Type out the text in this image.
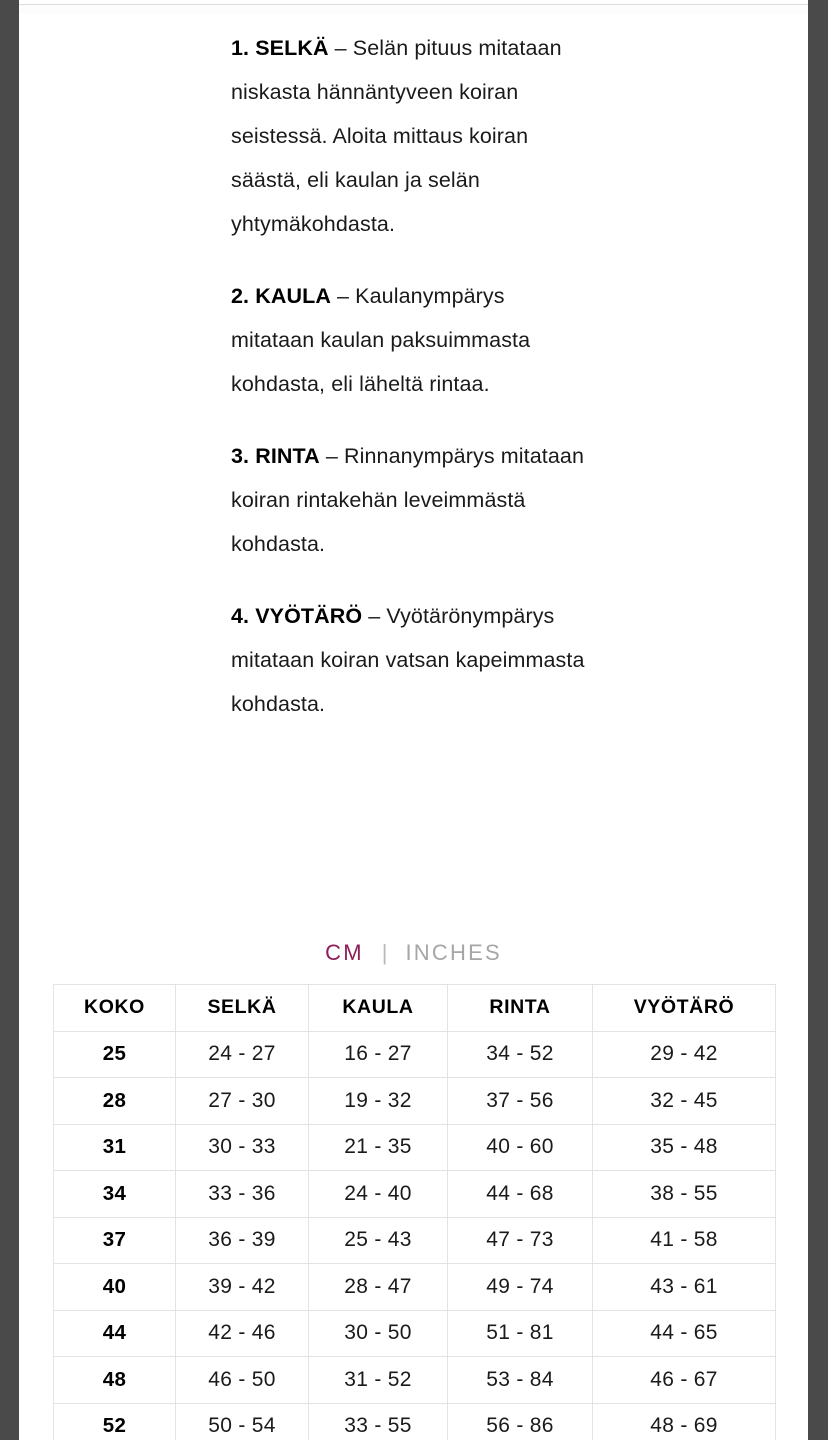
1. SELKÄ – Selän pituus mitataan niskasta hännäntyveen koiran seistessä. Aloita mittaus koiran säästä, eli kaulan ja selän yhtymäkohdasta.

2. KAULA – Kaulanympärys mitataan kaulan paksuimmasta kohdasta, eli läheltä rintaa.

3. RINTA – Rinnanympärys mitataan koiran rintakehän leveimmästä kohdasta.

4. VYÖTÄRÖ – Vyötärönympärys mitataan koiran vatsan kapeimmasta kohdasta.

CM | INCHES
KOKO	SELKÄ	KAULA	RINTA	VYÖTÄRÖ
25	24 - 27	16 - 27	34 - 52	29 - 42
28	27 - 30	19 - 32	37 - 56	32 - 45
31	30 - 33	21 - 35	40 - 60	35 - 48
34	33 - 36	24 - 40	44 - 68	38 - 55
37	36 - 39	25 - 43	47 - 73	41 - 58
40	39 - 42	28 - 47	49 - 74	43 - 61
44	42 - 46	30 - 50	51 - 81	44 - 65
48	46 - 50	31 - 52	53 - 84	46 - 67
52	50 - 54	33 - 55	56 - 86	48 - 69
